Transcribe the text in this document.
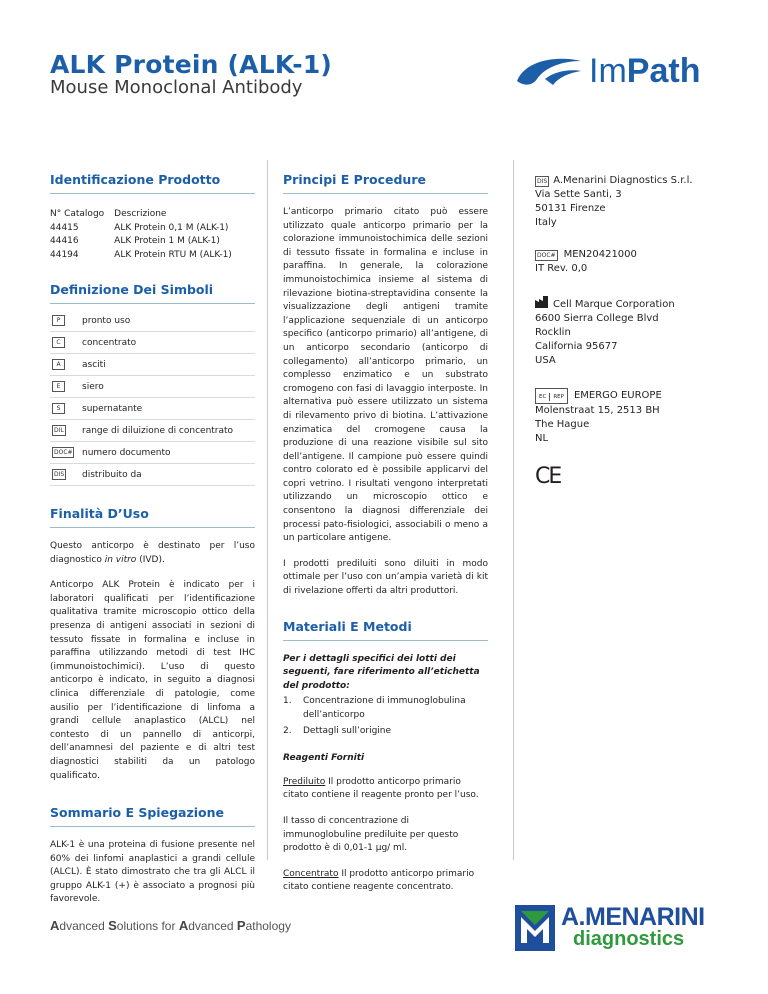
ALK Protein (ALK-1)
Mouse Monoclonal Antibody	ImPath
Identificazione Prodotto
N° Catalogo	Descrizione
44415	ALK Protein 0,1 M (ALK-1)
44416	ALK Protein 1 M (ALK-1)
44194	ALK Protein RTU M (ALK-1)
Definizione Dei Simboli
P	pronto uso
C	concentrato
A	asciti
E	siero
S	supernatante
DIL range di diluizione di concentrato
DOC# numero documento
DIS distribuito da
Finalità D’Uso

Questo anticorpo è destinato per l’uso diagnostico in vitro (IVD).

Anticorpo ALK Protein è indicato per i laboratori qualificati per l’identificazione qualitativa tramite microscopio ottico della presenza di antigeni associati in sezioni di tessuto fissate in formalina e incluse in paraffina utilizzando metodi di test IHC (immunoistochimici). L’uso di questo anticorpo è indicato, in seguito a diagnosi clinica differenziale di patologie, come ausilio per l’identificazione di linfoma a grandi cellule anaplastico (ALCL) nel contesto di un pannello di anticorpi, dell’anamnesi del paziente e di altri test diagnostici stabiliti da un patologo qualificato.

Sommario E Spiegazione

ALK-1 è una proteina di fusione presente nel 60% dei linfomi anaplastici a grandi cellule (ALCL). È stato dimostrato che tra gli ALCL il gruppo ALK-1 (+) è associato a prognosi più favorevole.

Principi E Procedure

L’anticorpo primario citato può essere utilizzato quale anticorpo primario per la colorazione immunoistochimica delle sezioni di tessuto fissate in formalina e incluse in paraffina. In generale, la colorazione immunoistochimica insieme al sistema di rilevazione biotina-streptavidina consente la visualizzazione degli antigeni tramite l’applicazione sequenziale di un anticorpo specifico (anticorpo primario) all’antigene, di un anticorpo secondario (anticorpo di collegamento) all’anticorpo primario, un complesso enzimatico e un substrato cromogeno con fasi di lavaggio interposte. In alternativa può essere utilizzato un sistema di rilevamento privo di biotina. L’attivazione enzimatica del cromogene causa la produzione di una reazione visibile sul sito dell’antigene. Il campione può essere quindi contro colorato ed è possibile applicarvi del copri vetrino. I risultati vengono interpretati utilizzando un microscopio ottico e consentono la diagnosi differenziale dei processi pato-fisiologici, associabili o meno a un particolare antigene.

I prodotti prediluiti sono diluiti in modo ottimale per l’uso con un’ampia varietà di kit di rivelazione offerti da altri produttori.

Materiali E Metodi

Per i dettagli specifici dei lotti dei seguenti, fare riferimento all’etichetta del prodotto:

1.	Concentrazione di immunoglobulina dell’anticorpo
2.	Dettagli sull’origine

Reagenti Forniti

Prediluito Il prodotto anticorpo primario citato contiene il reagente pronto per l’uso.

Il tasso di concentrazione di immunoglobuline prediluite per questo prodotto è di 0,01-1 µg/ ml.

Concentrato Il prodotto anticorpo primario citato contiene reagente concentrato.

DIS A.Menarini Diagnostics S.r.l.
Via Sette Santi, 3
50131 Firenze
Italy
DOC# MEN20421000
IT Rev. 0,0
Cell Marque Corporation
6600 Sierra College Blvd
Rocklin
California 95677
USA
EC REP EMERGO EUROPE
Molenstraat 15, 2513 BH
The Hague
NL
CE
Advanced Solutions for Advanced Pathology	A.MENARINI
diagnostics
